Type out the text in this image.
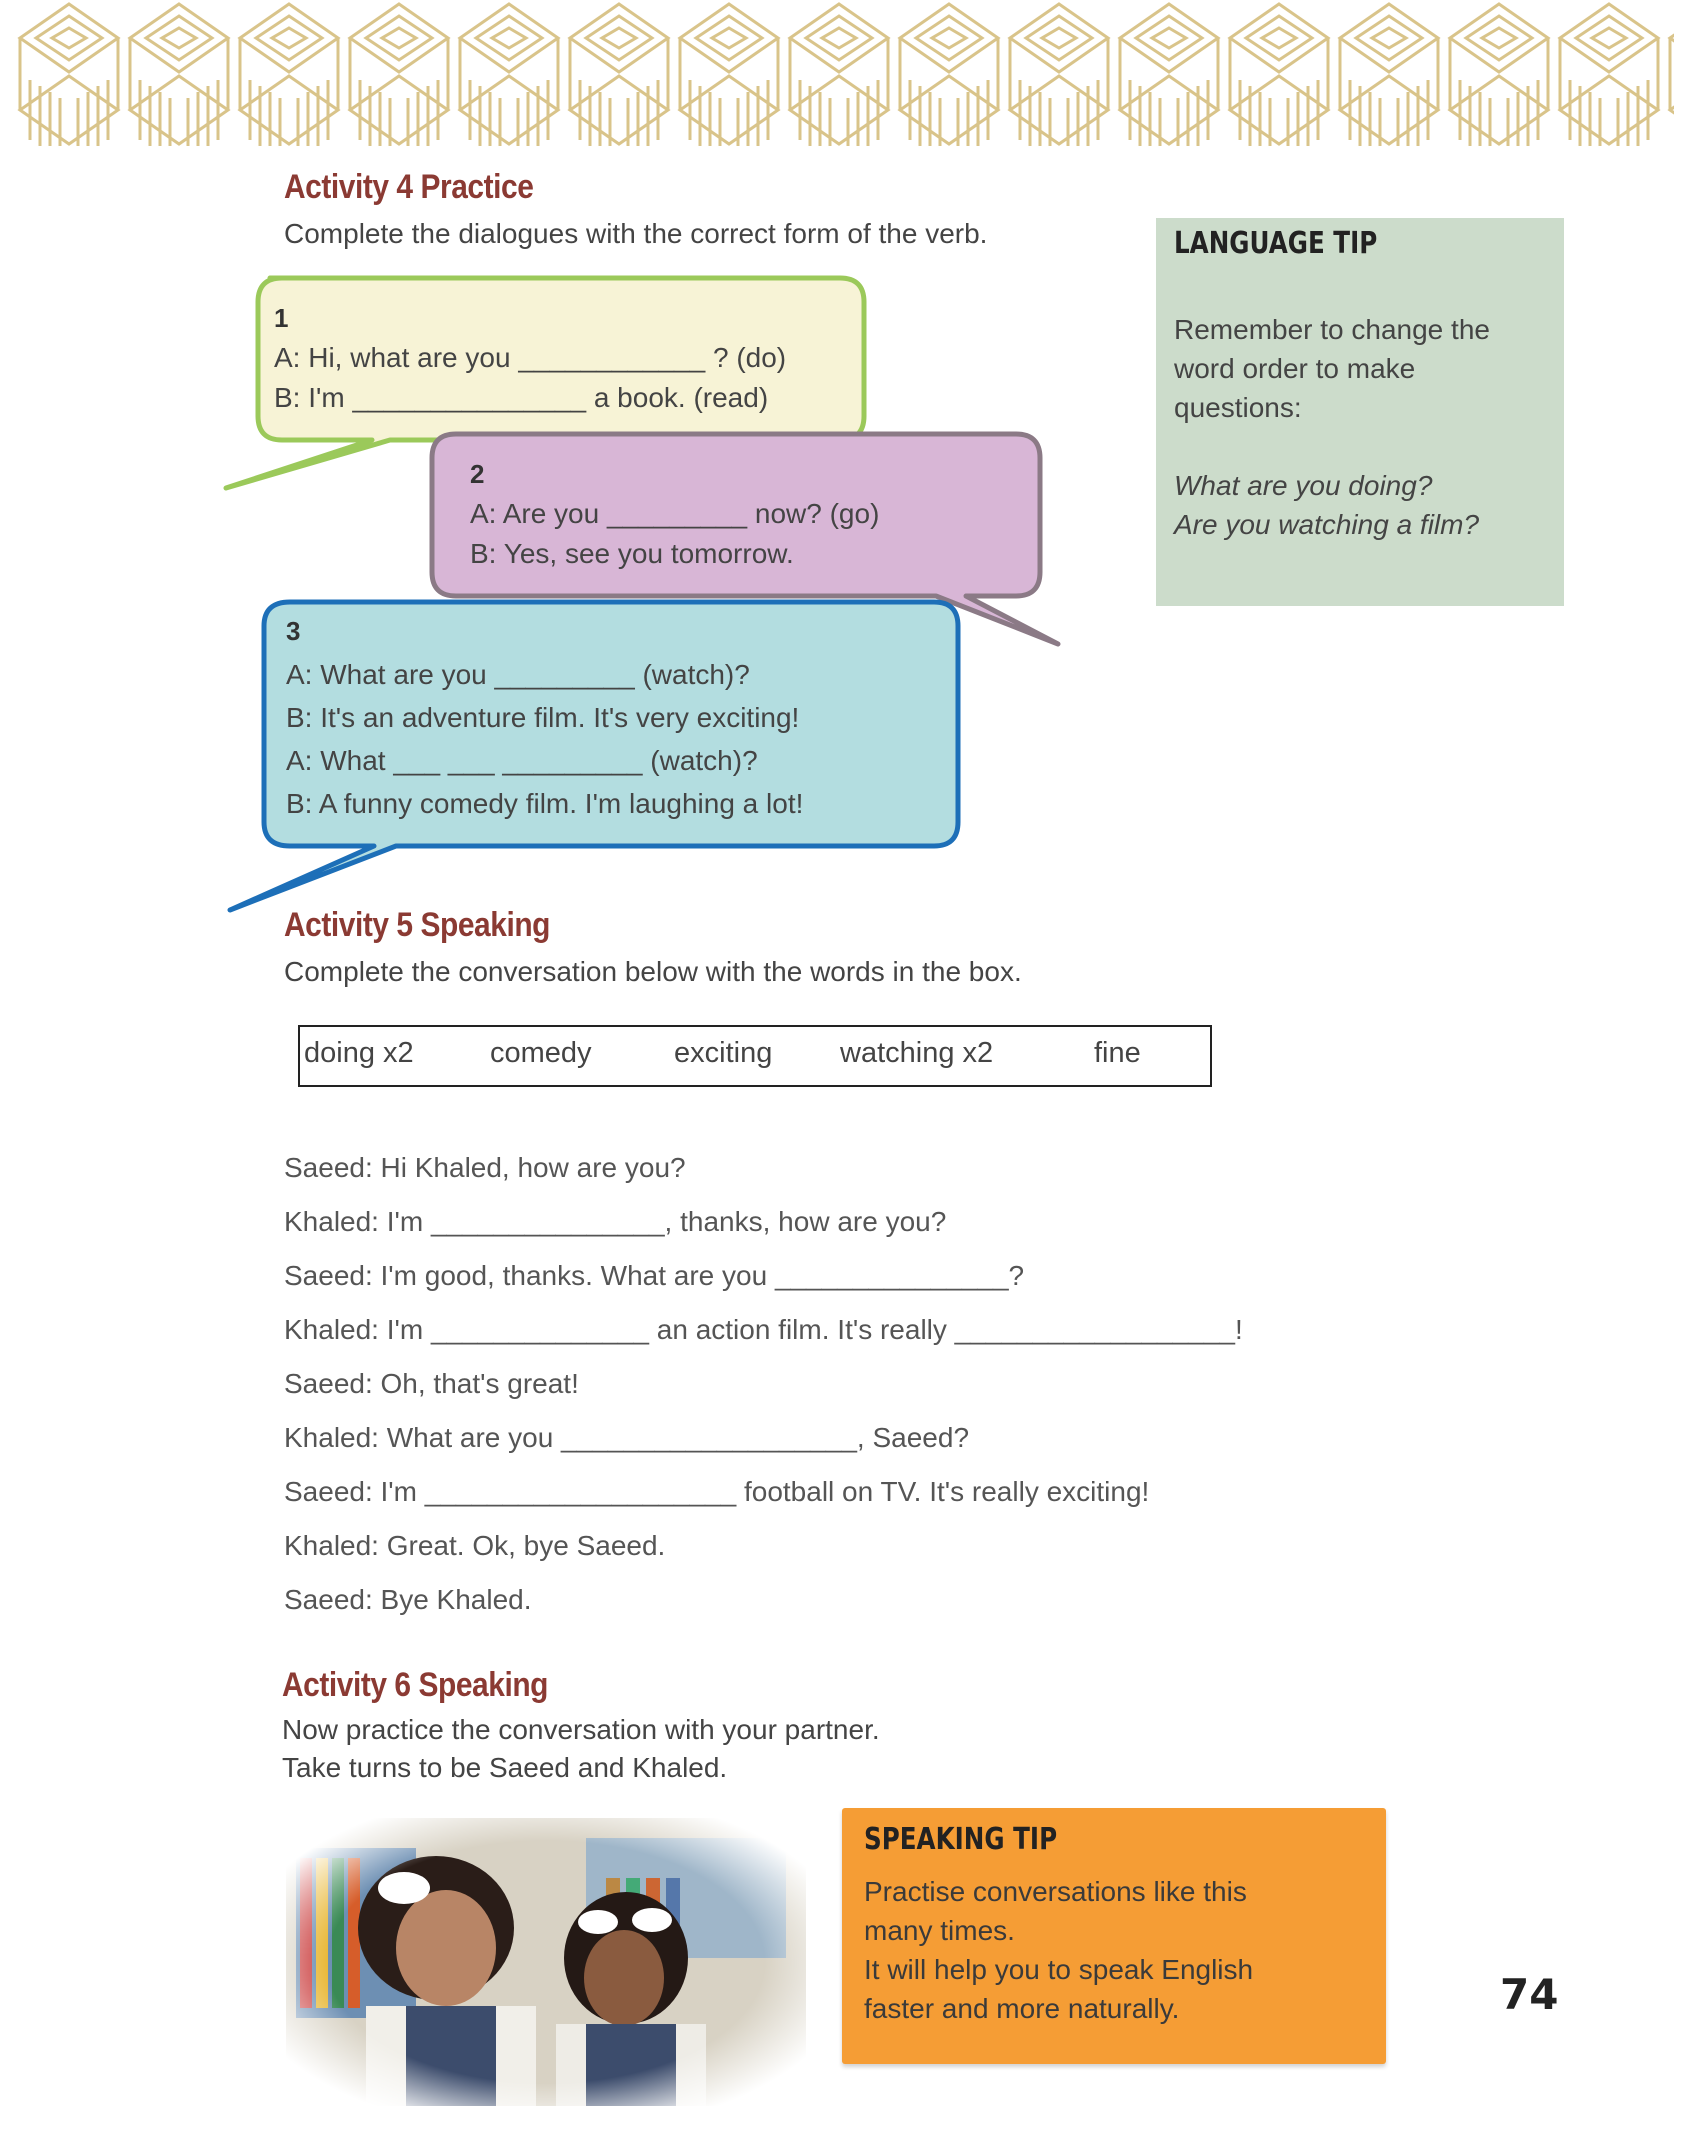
Activity 4 Practice

Complete the dialogues with the correct form of the verb.

1

A: Hi, what are you ____________ ? (do)

B: I'm _______________ a book. (read)

2

A: Are you _________ now? (go)

B: Yes, see you tomorrow.

3

A: What are you _________ (watch)?

B: It's an adventure film. It's very exciting!

A: What ___ ___ _________ (watch)?

B: A funny comedy film. I'm laughing a lot!

LANGUAGE TIP

Remember to change the

word order to make

questions:

What are you doing?

Are you watching a film?

Activity 5 Speaking

Complete the conversation below with the words in the box.

doing x2	comedy	exciting watching x2	fine

Saeed: Hi Khaled, how are you?

Khaled: I'm _______________, thanks, how are you?

Saeed: I'm good, thanks. What are you _______________?

Khaled: I'm ______________ an action film. It's really __________________!

Saeed: Oh, that's great!

Khaled: What are you ___________________, Saeed?

Saeed: I'm ____________________ football on TV. It's really exciting!

Khaled: Great. Ok, bye Saeed.

Saeed: Bye Khaled.

Activity 6 Speaking

Now practice the conversation with your partner.

Take turns to be Saeed and Khaled.

SPEAKING TIP

Practise conversations like this

many times.

It will help you to speak English

faster and more naturally.	74
